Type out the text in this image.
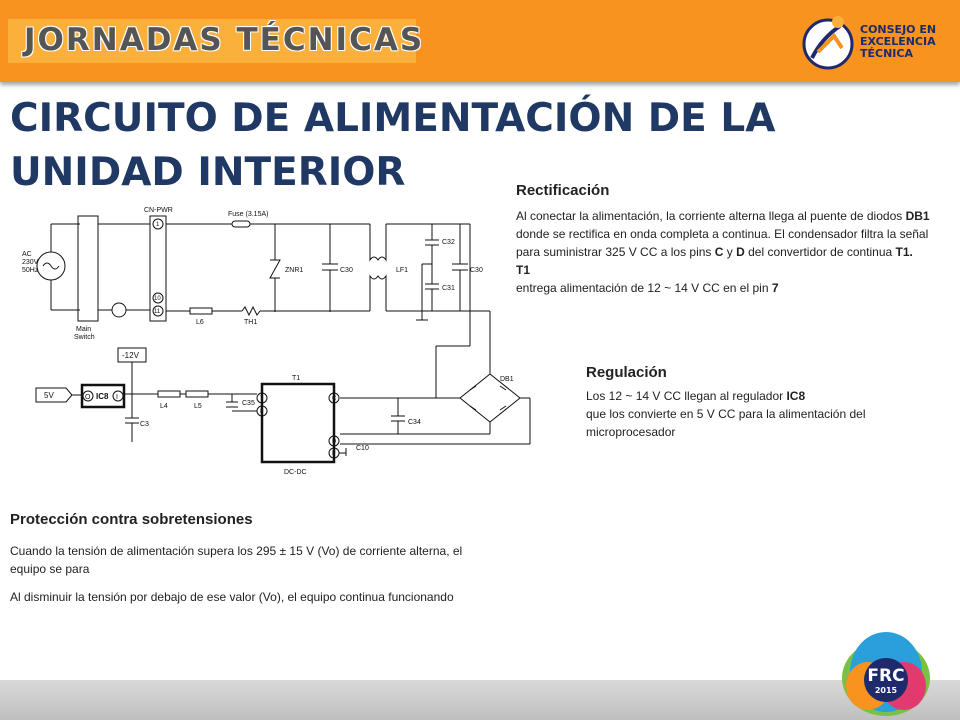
JORNADAS TÉCNICAS	CONSEJO EN
EXCELENCIA
TÉCNICA
CIRCUITO DE ALIMENTACIÓN DE LA UNIDAD INTERIOR
AC
230V
50Hz
Main
Switch
CN-PWR
1
10
11
Fuse (3.15A)
ZNR1	C30	LF1
C32
C31
C30
L6	TH1
-12V
5V	IC8
O	I
C3
L4	L5	C35
T1
7
8
C
D
F
C34
C10
DB1
DC-DC
Rectificación

Al conectar la alimentación, la corriente alterna llega al puente de diodos DB1

donde se rectifica en onda completa a continua. El condensador filtra la señal para suministrar 325 V CC a los pins C y D del convertidor de continua T1.

T1

entrega alimentación de 12 ~ 14 V CC en el pin 7

Regulación

Los 12 ~ 14 V CC llegan al regulador IC8

que los convierte en 5 V CC para la alimentación del microprocesador

Protección contra sobretensiones

Cuando la tensión de alimentación supera los 295 ± 15 V (Vo) de corriente alterna, el equipo se para

Al disminuir la tensión por debajo de ese valor (Vo), el equipo continua funcionando

FRC
2015
